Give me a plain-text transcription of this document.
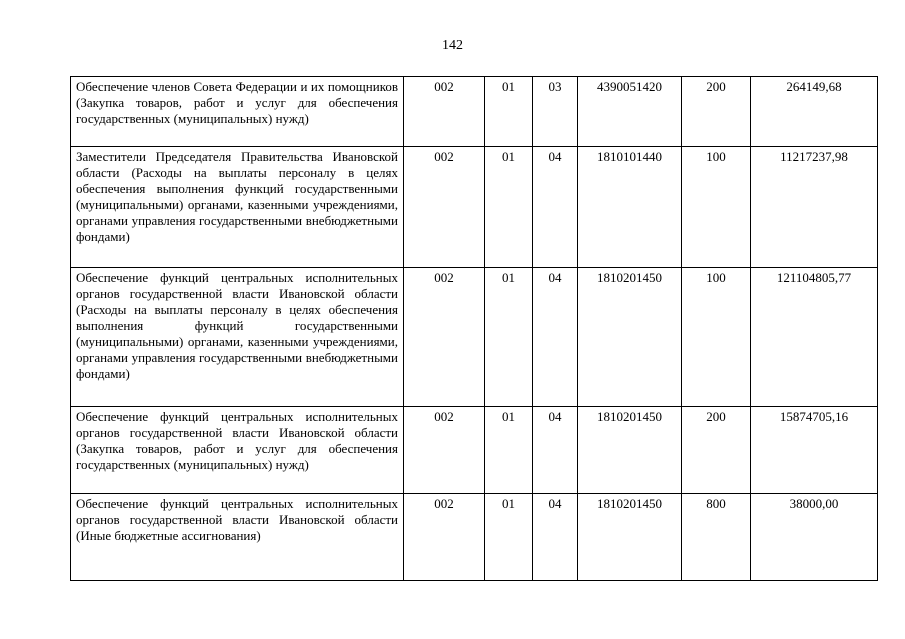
142
Обеспечение членов Совета Федерации и их помощников (Закупка товаров, работ и услуг для обеспечения государственных (муниципальных) нужд)	002	01	03	4390051420	200	264149,68
Заместители Председателя Правительства Ивановской области (Расходы на выплаты персоналу в целях обеспечения выполнения функций государственными (муниципальными) органами, казенными учреждениями, органами управления государственными внебюджетными фондами)	002	01	04	1810101440	100	11217237,98
Обеспечение функций центральных исполнительных органов государственной власти Ивановской области (Расходы на выплаты персоналу в целях обеспечения выполнения функций государственными (муниципальными) органами, казенными учреждениями, органами управления государственными внебюджетными фондами)	002	01	04	1810201450	100	121104805,77
Обеспечение функций центральных исполнительных органов государственной власти Ивановской области (Закупка товаров, работ и услуг для обеспечения государственных (муниципальных) нужд)	002	01	04	1810201450	200	15874705,16
Обеспечение функций центральных исполнительных органов государственной власти Ивановской области (Иные бюджетные ассигнования)	002	01	04	1810201450	800	38000,00
